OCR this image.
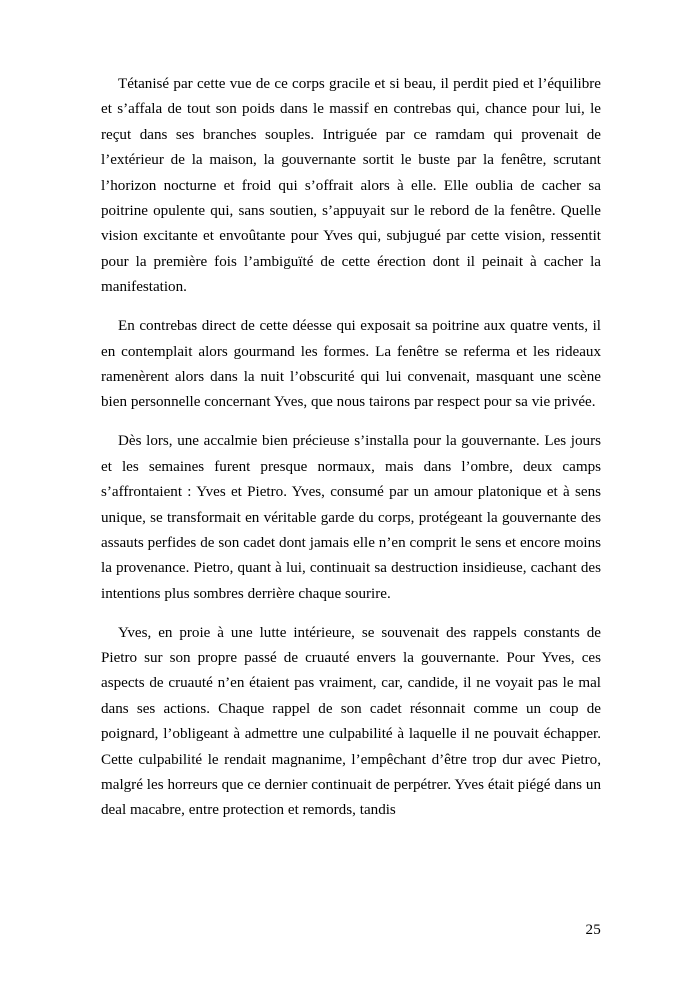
Tétanisé par cette vue de ce corps gracile et si beau, il perdit pied et l’équilibre et s’affala de tout son poids dans le massif en contrebas qui, chance pour lui, le reçut dans ses branches souples. Intriguée par ce ramdam qui provenait de l’extérieur de la maison, la gouvernante sortit le buste par la fenêtre, scrutant l’horizon nocturne et froid qui s’offrait alors à elle. Elle oublia de cacher sa poitrine opulente qui, sans soutien, s’appuyait sur le rebord de la fenêtre. Quelle vision excitante et envoûtante pour Yves qui, subjugué par cette vision, ressentit pour la première fois l’ambiguïté de cette érection dont il peinait à cacher la manifestation.

En contrebas direct de cette déesse qui exposait sa poitrine aux quatre vents, il en contemplait alors gourmand les formes. La fenêtre se referma et les rideaux ramenèrent alors dans la nuit l’obscurité qui lui convenait, masquant une scène bien personnelle concernant Yves, que nous tairons par respect pour sa vie privée.

Dès lors, une accalmie bien précieuse s’installa pour la gouvernante. Les jours et les semaines furent presque normaux, mais dans l’ombre, deux camps s’affrontaient : Yves et Pietro. Yves, consumé par un amour platonique et à sens unique, se transformait en véritable garde du corps, protégeant la gouvernante des assauts perfides de son cadet dont jamais elle n’en comprit le sens et encore moins la provenance. Pietro, quant à lui, continuait sa destruction insidieuse, cachant des intentions plus sombres derrière chaque sourire.

Yves, en proie à une lutte intérieure, se souvenait des rappels constants de Pietro sur son propre passé de cruauté envers la gouvernante. Pour Yves, ces aspects de cruauté n’en étaient pas vraiment, car, candide, il ne voyait pas le mal dans ses actions. Chaque rappel de son cadet résonnait comme un coup de poignard, l’obligeant à admettre une culpabilité à laquelle il ne pouvait échapper. Cette culpabilité le rendait magnanime, l’empêchant d’être trop dur avec Pietro, malgré les horreurs que ce dernier continuait de perpétrer. Yves était piégé dans un deal macabre, entre protection et remords, tandis

25
